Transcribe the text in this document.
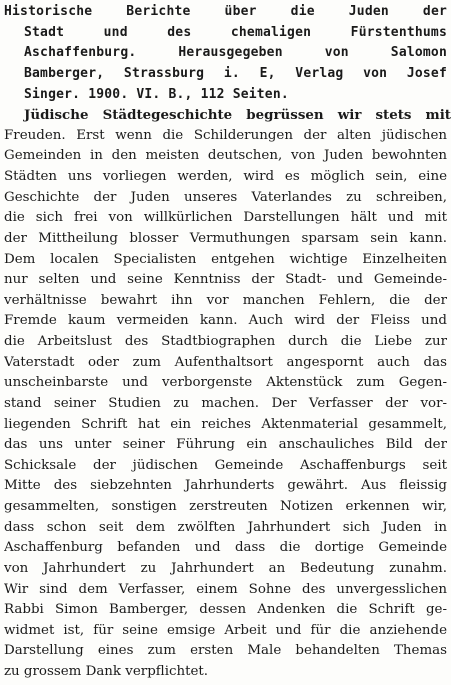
Historische Berichte über die Juden der
Stadt und des chemaligen Fürstenthums
Aschaffenburg. Herausgegeben von Salomon
Bamberger, Strassburg i. E, Verlag von Josef
Singer. 1900. VI. B., 112 Seiten.
Jüdische Städtegeschichte begrüssen wir stets mit
Freuden. Erst wenn die Schilderungen der alten jüdischen
Gemeinden in den meisten deutschen, von Juden bewohnten
Städten uns vorliegen werden, wird es möglich sein, eine
Geschichte der Juden unseres Vaterlandes zu schreiben,
die sich frei von willkürlichen Darstellungen hält und mit
der Mittheilung blosser Vermuthungen sparsam sein kann.
Dem localen Specialisten entgehen wichtige Einzelheiten
nur selten und seine Kenntniss der Stadt- und Gemeinde-
verhältnisse bewahrt ihn vor manchen Fehlern, die der
Fremde kaum vermeiden kann. Auch wird der Fleiss und
die Arbeitslust des Stadtbiographen durch die Liebe zur
Vaterstadt oder zum Aufenthaltsort angespornt auch das
unscheinbarste und verborgenste Aktenstück zum Gegen-
stand seiner Studien zu machen. Der Verfasser der vor-
liegenden Schrift hat ein reiches Aktenmaterial gesammelt,
das uns unter seiner Führung ein anschauliches Bild der
Schicksale der jüdischen Gemeinde Aschaffenburgs seit
Mitte des siebzehnten Jahrhunderts gewährt. Aus fleissig
gesammelten, sonstigen zerstreuten Notizen erkennen wir,
dass schon seit dem zwölften Jahrhundert sich Juden in
Aschaffenburg befanden und dass die dortige Gemeinde
von Jahrhundert zu Jahrhundert an Bedeutung zunahm.
Wir sind dem Verfasser, einem Sohne des unvergesslichen
Rabbi Simon Bamberger, dessen Andenken die Schrift ge-
widmet ist, für seine emsige Arbeit und für die anziehende
Darstellung eines zum ersten Male behandelten Themas
zu grossem Dank verpflichtet.
